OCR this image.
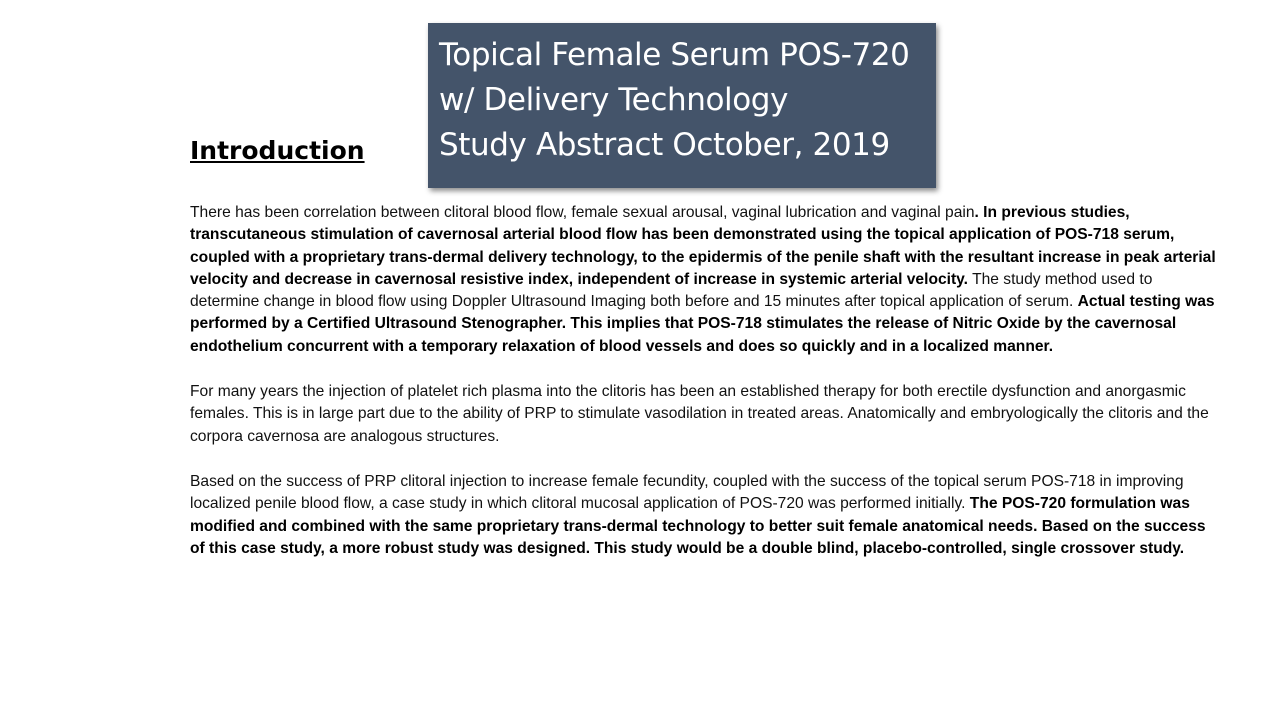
Topical Female Serum POS-720
w/ Delivery Technology
Study Abstract October, 2019
Introduction

There has been correlation between clitoral blood flow, female sexual arousal, vaginal lubrication and vaginal pain. In previous studies, transcutaneous stimulation of cavernosal arterial blood flow has been demonstrated using the topical application of POS-718 serum, coupled with a proprietary trans-dermal delivery technology, to the epidermis of the penile shaft with the resultant increase in peak arterial velocity and decrease in cavernosal resistive index, independent of increase in systemic arterial velocity. The study method used to determine change in blood flow using Doppler Ultrasound Imaging both before and 15 minutes after topical application of serum. Actual testing was performed by a Certified Ultrasound Stenographer. This implies that POS-718 stimulates the release of Nitric Oxide by the cavernosal endothelium concurrent with a temporary relaxation of blood vessels and does so quickly and in a localized manner.

For many years the injection of platelet rich plasma into the clitoris has been an established therapy for both erectile dysfunction and anorgasmic females. This is in large part due to the ability of PRP to stimulate vasodilation in treated areas. Anatomically and embryologically the clitoris and the corpora cavernosa are analogous structures.

Based on the success of PRP clitoral injection to increase female fecundity, coupled with the success of the topical serum POS-718 in improving localized penile blood flow, a case study in which clitoral mucosal application of POS-720 was performed initially. The POS-720 formulation was modified and combined with the same proprietary trans-dermal technology to better suit female anatomical needs. Based on the success of this case study, a more robust study was designed. This study would be a double blind, placebo-controlled, single crossover study.
